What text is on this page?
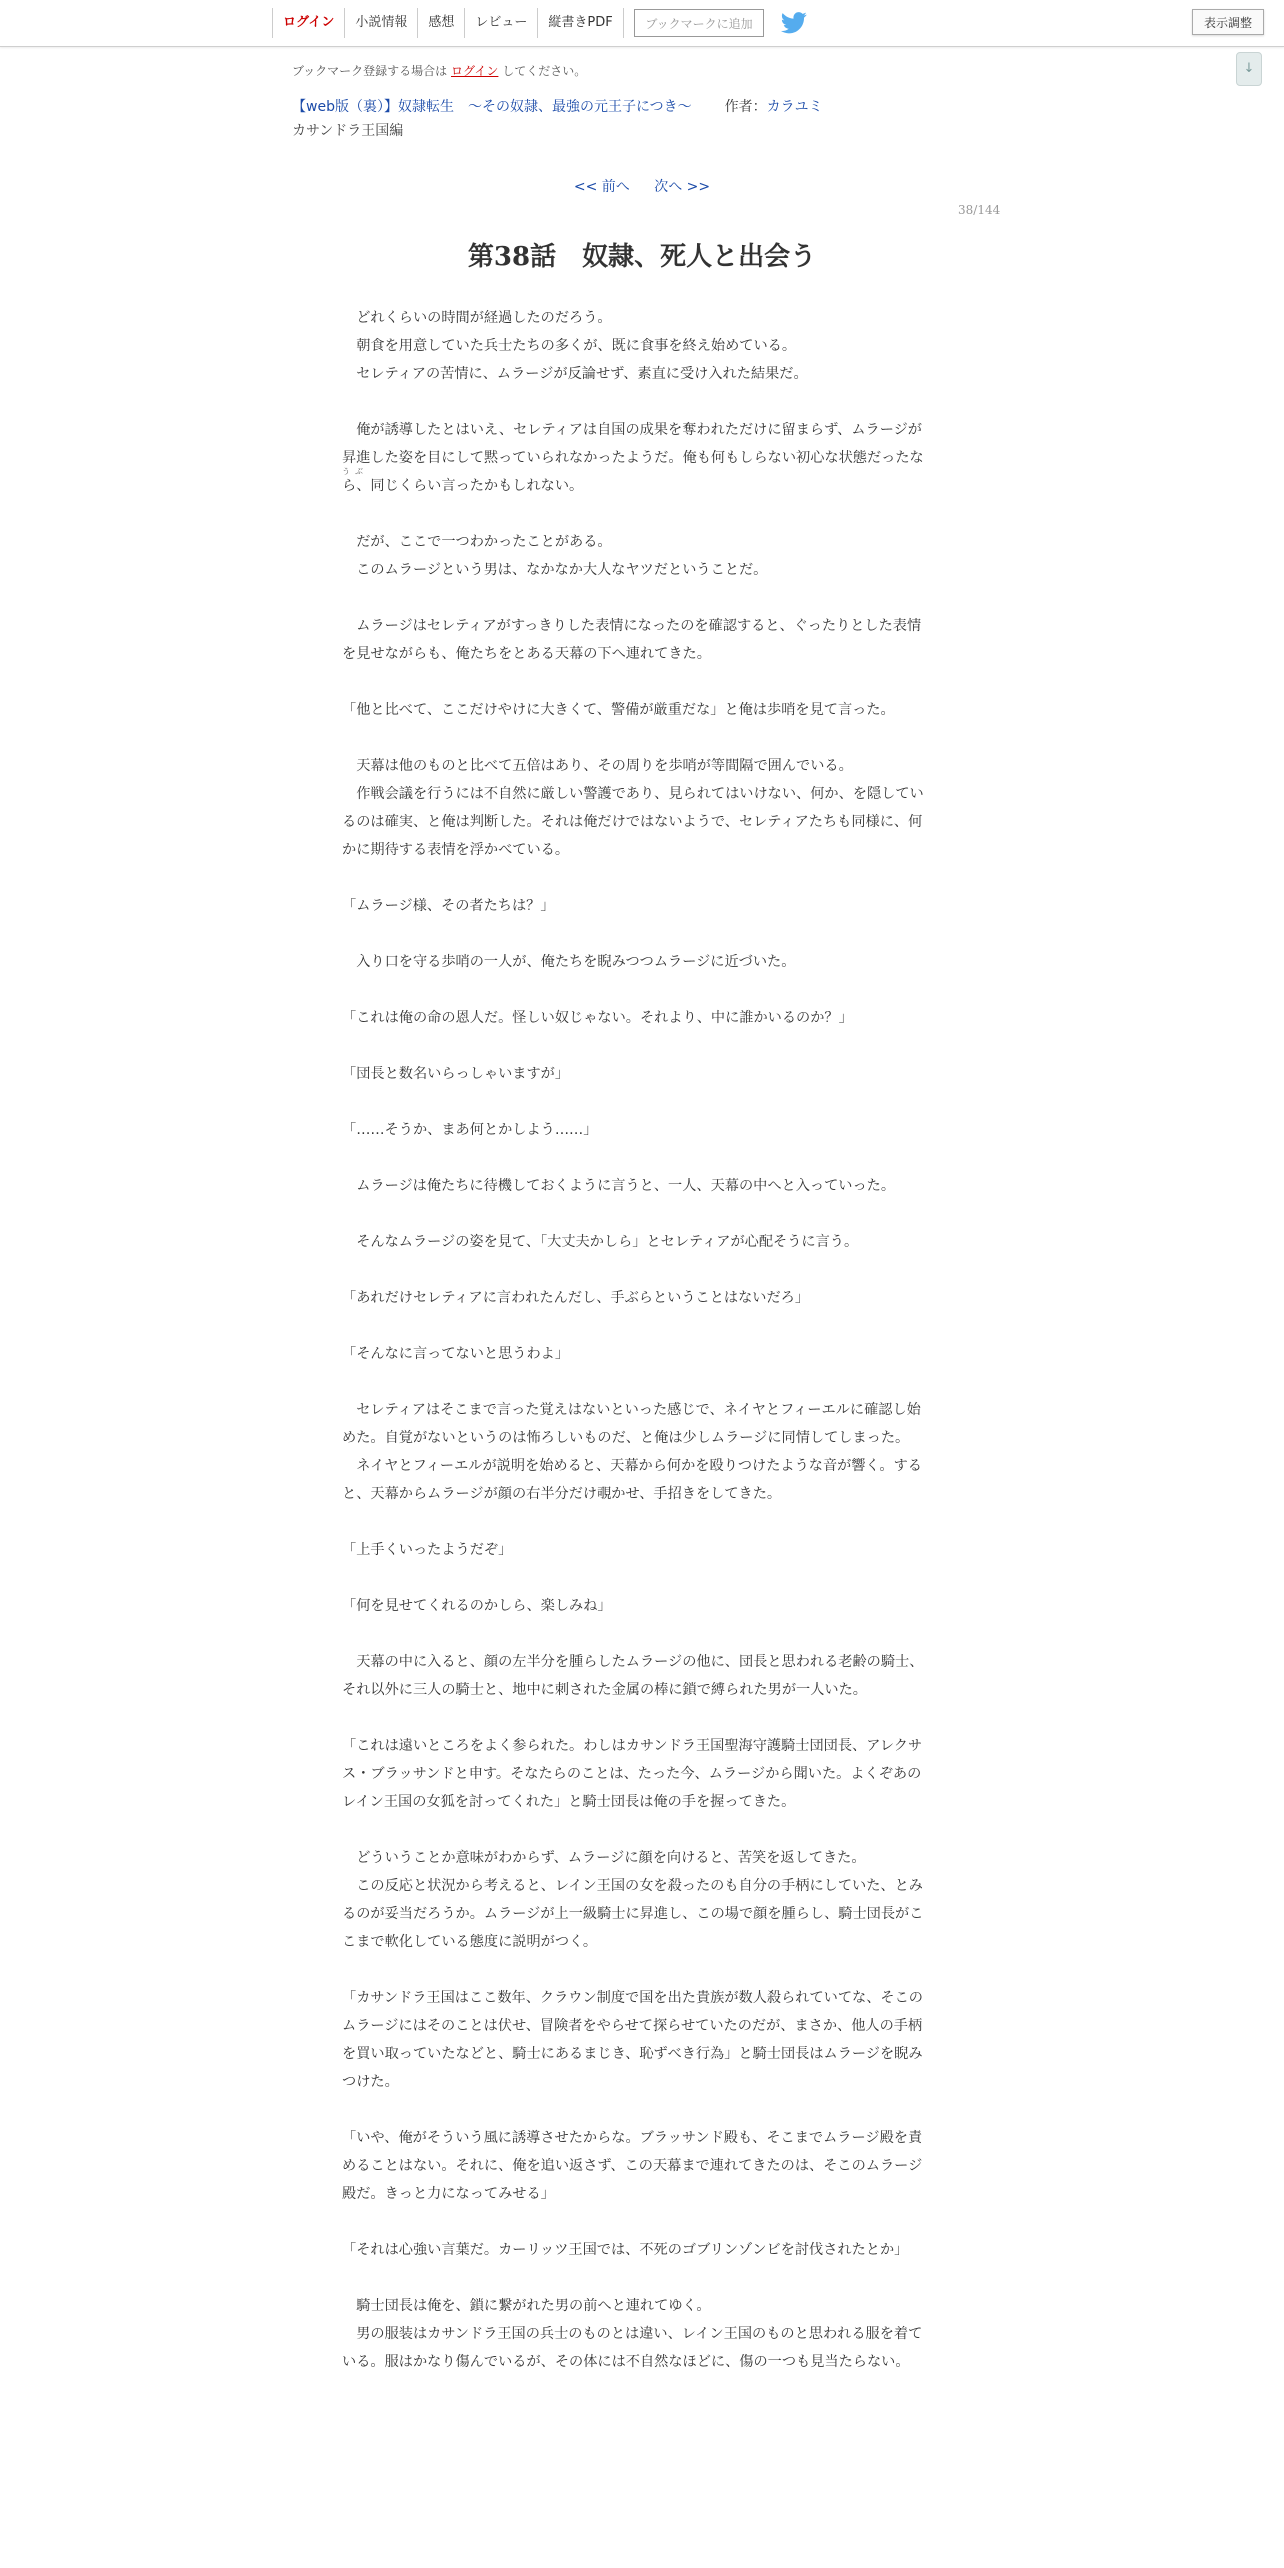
ログイン	小説情報	感想	レビュー	縦書きPDF	ブックマークに追加	表示調整
↓
ブックマーク登録する場合は ログイン してください。
【web版（裏）】奴隷転生　～その奴隷、最強の元王子につき～ 作者：カラユミ
カサンドラ王国編
<< 前へ 次へ >>
38/144
第38話　奴隷、死人と出会う
うぶ

　どれくらいの時間が経過したのだろう。

　朝食を用意していた兵士たちの多くが、既に食事を終え始めている。

　セレティアの苦情に、ムラージが反論せず、素直に受け入れた結果だ。

　俺が誘導したとはいえ、セレティアは自国の成果を奪われただけに留まらず、ムラージが昇進した姿を目にして黙っていられなかったようだ。俺も何もしらない初心な状態だったなら、同じくらい言ったかもしれない。

　だが、ここで一つわかったことがある。

　このムラージという男は、なかなか大人なヤツだということだ。

　ムラージはセレティアがすっきりした表情になったのを確認すると、ぐったりとした表情を見せながらも、俺たちをとある天幕の下へ連れてきた。

「他と比べて、ここだけやけに大きくて、警備が厳重だな」と俺は歩哨を見て言った。

　天幕は他のものと比べて五倍はあり、その周りを歩哨が等間隔で囲んでいる。

　作戦会議を行うには不自然に厳しい警護であり、見られてはいけない、何か、を隠しているのは確実、と俺は判断した。それは俺だけではないようで、セレティアたちも同様に、何かに期待する表情を浮かべている。

「ムラージ様、その者たちは？」

　入り口を守る歩哨の一人が、俺たちを睨みつつムラージに近づいた。

「これは俺の命の恩人だ。怪しい奴じゃない。それより、中に誰かいるのか？」

「団長と数名いらっしゃいますが」

「……そうか、まあ何とかしよう……」

　ムラージは俺たちに待機しておくように言うと、一人、天幕の中へと入っていった。

　そんなムラージの姿を見て、「大丈夫かしら」とセレティアが心配そうに言う。

「あれだけセレティアに言われたんだし、手ぶらということはないだろ」

「そんなに言ってないと思うわよ」

　セレティアはそこまで言った覚えはないといった感じで、ネイヤとフィーエルに確認し始めた。自覚がないというのは怖ろしいものだ、と俺は少しムラージに同情してしまった。

　ネイヤとフィーエルが説明を始めると、天幕から何かを殴りつけたような音が響く。すると、天幕からムラージが顔の右半分だけ覗かせ、手招きをしてきた。

「上手くいったようだぞ」

「何を見せてくれるのかしら、楽しみね」

　天幕の中に入ると、顔の左半分を腫らしたムラージの他に、団長と思われる老齢の騎士、それ以外に三人の騎士と、地中に刺された金属の棒に鎖で縛られた男が一人いた。

「これは遠いところをよく参られた。わしはカサンドラ王国聖海守護騎士団団長、アレクサス・ブラッサンドと申す。そなたらのことは、たった今、ムラージから聞いた。よくぞあのレイン王国の女狐を討ってくれた」と騎士団長は俺の手を握ってきた。

　どういうことか意味がわからず、ムラージに顔を向けると、苦笑を返してきた。

　この反応と状況から考えると、レイン王国の女を殺ったのも自分の手柄にしていた、とみるのが妥当だろうか。ムラージが上一級騎士に昇進し、この場で顔を腫らし、騎士団長がここまで軟化している態度に説明がつく。

「カサンドラ王国はここ数年、クラウン制度で国を出た貴族が数人殺られていてな、そこのムラージにはそのことは伏せ、冒険者をやらせて探らせていたのだが、まさか、他人の手柄を買い取っていたなどと、騎士にあるまじき、恥ずべき行為」と騎士団長はムラージを睨みつけた。

「いや、俺がそういう風に誘導させたからな。ブラッサンド殿も、そこまでムラージ殿を責めることはない。それに、俺を追い返さず、この天幕まで連れてきたのは、そこのムラージ殿だ。きっと力になってみせる」

「それは心強い言葉だ。カーリッツ王国では、不死のゴブリンゾンビを討伐されたとか」

　騎士団長は俺を、鎖に繋がれた男の前へと連れてゆく。

　男の服装はカサンドラ王国の兵士のものとは違い、レイン王国のものと思われる服を着ている。服はかなり傷んでいるが、その体には不自然なほどに、傷の一つも見当たらない。
